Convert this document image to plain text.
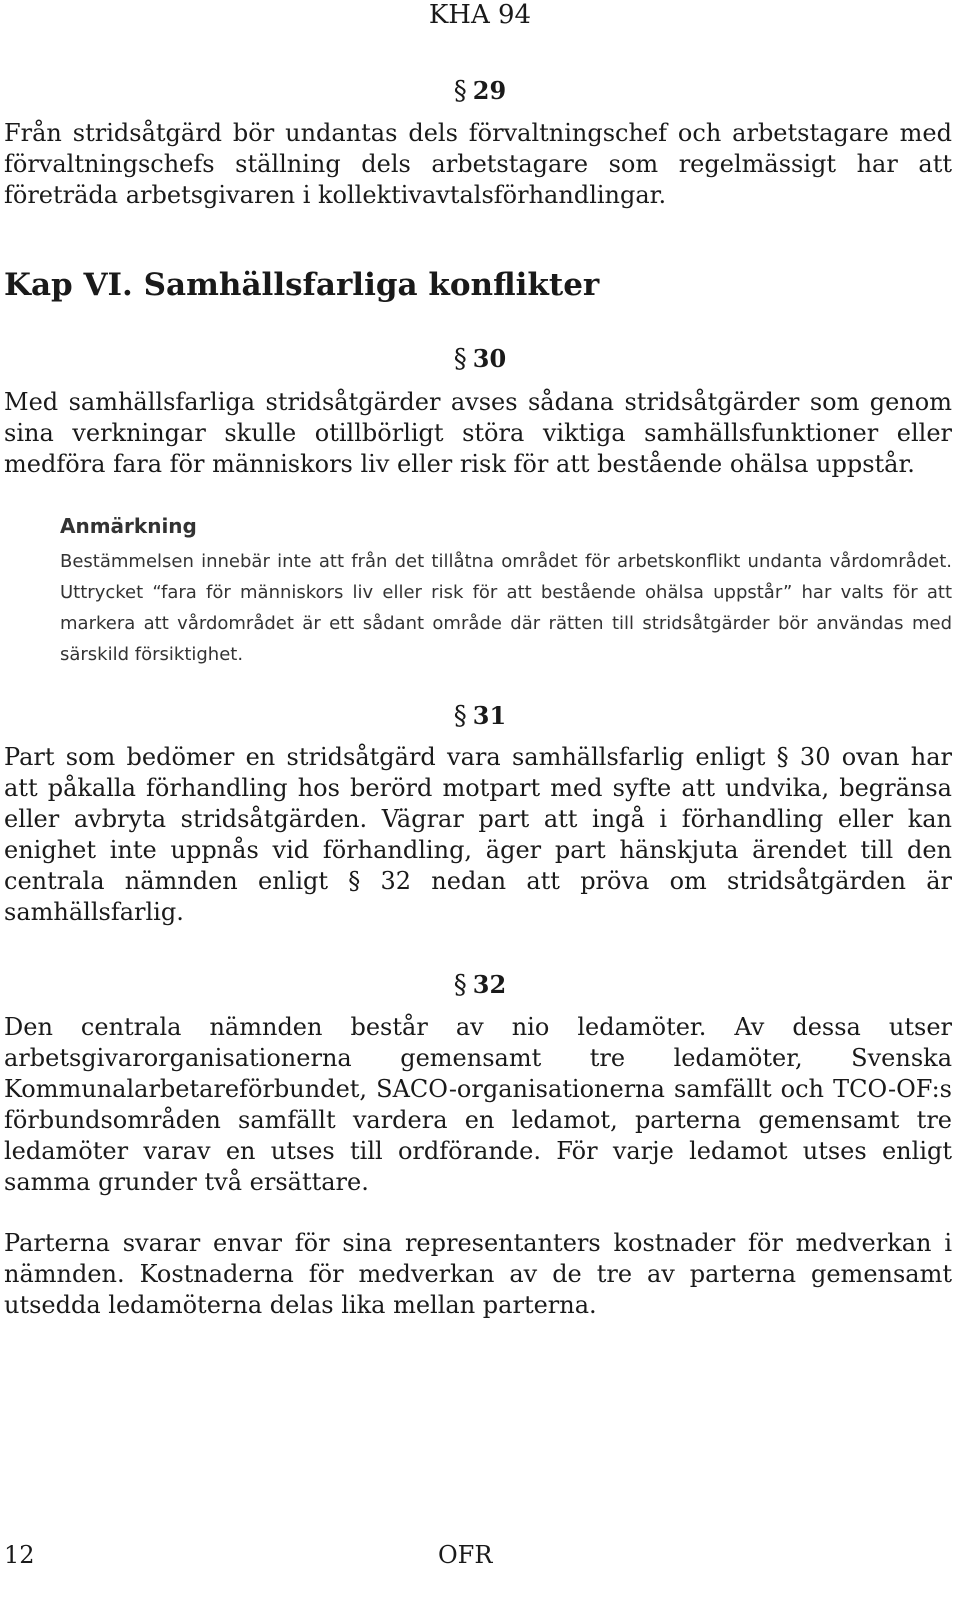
KHA 94
§ 29

Från stridsåtgärd bör undantas dels förvaltningschef och arbetstagare med förvaltningschefs ställning dels arbetstagare som regelmässigt har att företräda arbetsgivaren i kollektivavtalsförhandlingar.

Kap VI. Samhällsfarliga konflikter
§ 30

Med samhällsfarliga stridsåtgärder avses sådana stridsåtgärder som genom sina verkningar skulle otillbörligt störa viktiga samhällsfunktioner eller medföra fara för människors liv eller risk för att bestående ohälsa uppstår.

Anmärkning

Bestämmelsen innebär inte att från det tillåtna området för arbetskonflikt undanta vårdområdet. Uttrycket “fara för människors liv eller risk för att bestående ohälsa uppstår” har valts för att markera att vårdområdet är ett sådant område där rätten till stridsåtgärder bör användas med särskild försiktighet.

§ 31

Part som bedömer en stridsåtgärd vara samhällsfarlig enligt § 30 ovan har att påkalla förhandling hos berörd motpart med syfte att undvika, begränsa eller avbryta stridsåtgärden. Vägrar part att ingå i förhandling eller kan enighet inte uppnås vid förhandling, äger part hänskjuta ärendet till den centrala nämnden enligt § 32 nedan att pröva om stridsåtgärden är samhällsfarlig.

§ 32

Den centrala nämnden består av nio ledamöter. Av dessa utser arbetsgivarorganisationerna gemensamt tre ledamöter, Svenska Kommunalarbetareförbundet, SACO-organisationerna samfällt och TCO-OF:s förbundsområden samfällt vardera en ledamot, parterna gemensamt tre ledamöter varav en utses till ordförande. För varje ledamot utses enligt samma grunder två ersättare.

Parterna svarar envar för sina representanters kostnader för medverkan i nämnden. Kostnaderna för medverkan av de tre av parterna gemensamt utsedda ledamöterna delas lika mellan parterna.

12	OFR
